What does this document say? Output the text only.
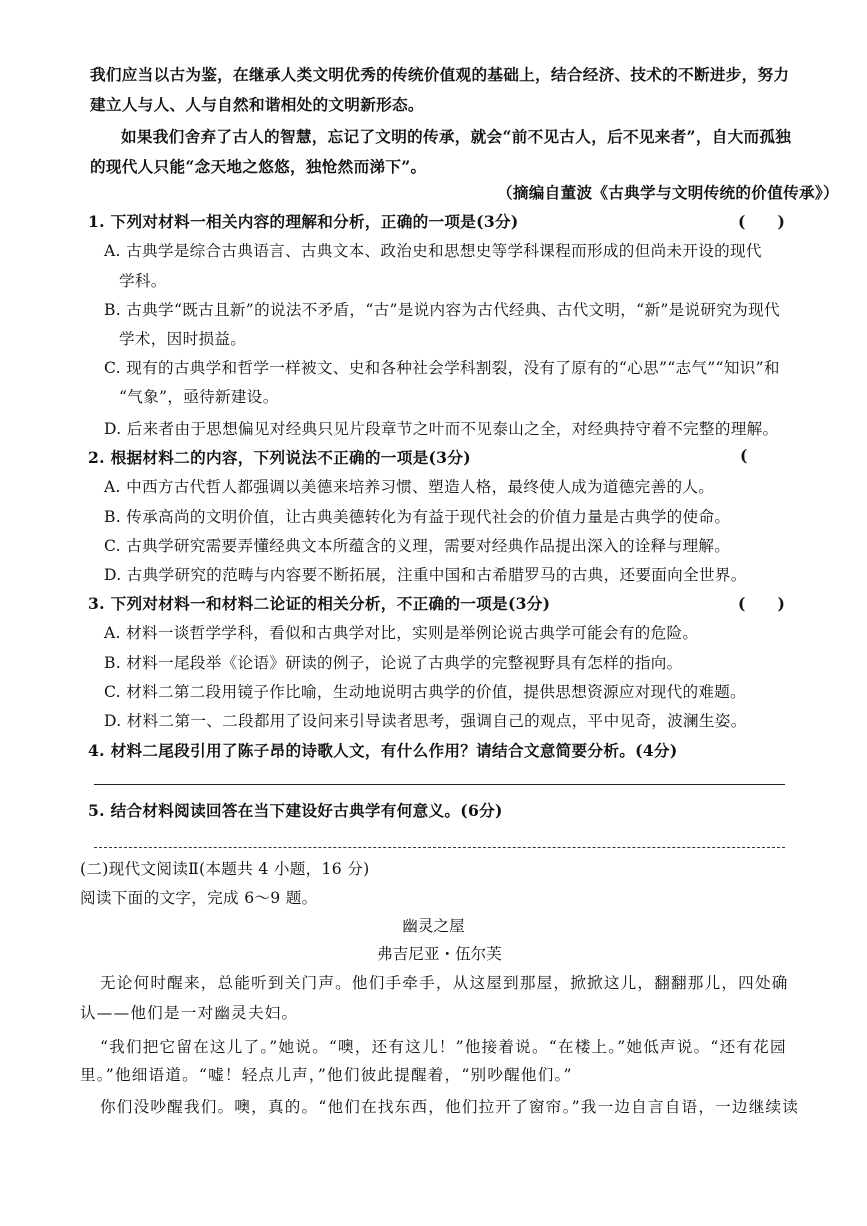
我们应当以古为鉴，在继承人类文明优秀的传统价值观的基础上，结合经济、技术的不断进步，努力
建立人与人、人与自然和谐相处的文明新形态。
如果我们舍弃了古人的智慧，忘记了文明的传承，就会“前不见古人，后不见来者”，自大而孤独
的现代人只能“念天地之悠悠，独怆然而涕下”。
（摘编自董波《古典学与文明传统的价值传承》）
1. 下列对材料一相关内容的理解和分析，正确的一项是(3分)	(　　)
A. 古典学是综合古典语言、古典文本、政治史和思想史等学科课程而形成的但尚未开设的现代
学科。
B. 古典学“既古且新”的说法不矛盾，“古”是说内容为古代经典、古代文明，“新”是说研究为现代
学术，因时损益。
C. 现有的古典学和哲学一样被文、史和各种社会学科割裂，没有了原有的“心思”“志气”“知识”和
“气象”，亟待新建设。
D. 后来者由于思想偏见对经典只见片段章节之叶而不见泰山之全，对经典持守着不完整的理解。
2. 根据材料二的内容，下列说法不正确的一项是(3分)	(
A. 中西方古代哲人都强调以美德来培养习惯、塑造人格，最终使人成为道德完善的人。
B. 传承高尚的文明价值，让古典美德转化为有益于现代社会的价值力量是古典学的使命。
C. 古典学研究需要弄懂经典文本所蕴含的义理，需要对经典作品提出深入的诠释与理解。
D. 古典学研究的范畴与内容要不断拓展，注重中国和古希腊罗马的古典，还要面向全世界。
3. 下列对材料一和材料二论证的相关分析，不正确的一项是(3分)	(　　)
A. 材料一谈哲学学科，看似和古典学对比，实则是举例论说古典学可能会有的危险。
B. 材料一尾段举《论语》研读的例子，论说了古典学的完整视野具有怎样的指向。
C. 材料二第二段用镜子作比喻，生动地说明古典学的价值，提供思想资源应对现代的难题。
D. 材料二第一、二段都用了设问来引导读者思考，强调自己的观点，平中见奇，波澜生姿。
4. 材料二尾段引用了陈子昂的诗歌人文，有什么作用？请结合文意简要分析。(4分)
5. 结合材料阅读回答在当下建设好古典学有何意义。(6分)
(二)现代文阅读Ⅱ(本题共 4 小题，16 分)
阅读下面的文字，完成 6～9 题。
幽灵之屋
弗吉尼亚・伍尔芙
无论何时醒来，总能听到关门声。他们手牵手，从这屋到那屋，掀掀这儿，翻翻那儿，四处确
认——他们是一对幽灵夫妇。
“我们把它留在这儿了。”她说。“噢，还有这儿！”他接着说。“在楼上。”她低声说。“还有花园
里。”他细语道。“嘘！轻点儿声，”他们彼此提醒着，“别吵醒他们。”
你们没吵醒我们。噢，真的。“他们在找东西，他们拉开了窗帘。”我一边自言自语，一边继续读
